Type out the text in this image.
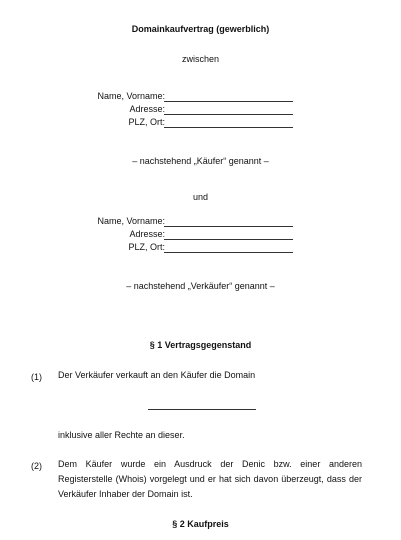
Domainkaufvertrag (gewerblich)
zwischen
Name, Vorname:
Adresse:
PLZ, Ort:
– nachstehend „Käufer“ genannt –
und
Name, Vorname:
Adresse:
PLZ, Ort:
– nachstehend „Verkäufer“ genannt –
§ 1 Vertragsgegenstand
(1) Der Verkäufer verkauft an den Käufer die Domain
inklusive aller Rechte an dieser.
(2) Dem Käufer wurde ein Ausdruck der Denic bzw. einer anderen Registerstelle (Whois) vorgelegt und er hat sich davon überzeugt, dass der Verkäufer Inhaber der Domain ist.
§ 2 Kaufpreis
